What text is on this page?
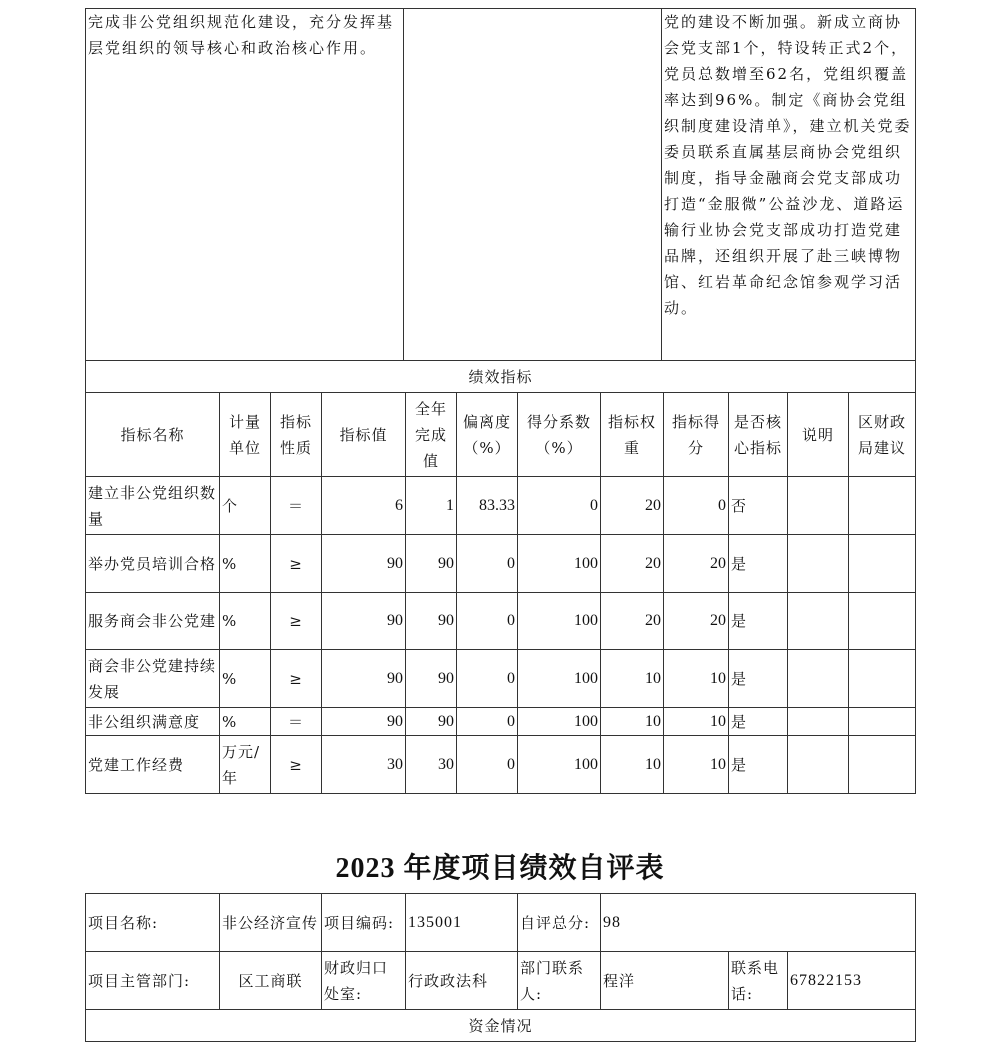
完成非公党组织规范化建设，充分发挥基层党组织的领导核心和政治核心作用。		党的建设不断加强。新成立商协会党支部1个，特设转正式2个，党员总数增至62名，党组织覆盖率达到96%。制定《商协会党组织制度建设清单》，建立机关党委委员联系直属基层商协会党组织制度，指导金融商会党支部成功打造“金服微”公益沙龙、道路运输行业协会党支部成功打造党建品牌，还组织开展了赴三峡博物馆、红岩革命纪念馆参观学习活动。
绩效指标											
指标名称	计量单位	指标性质	指标值	全年完成值	偏离度（%）	得分系数（%）	指标权重	指标得分	是否核心指标	说明	区财政局建议
建立非公党组织数量	个	＝	6	1	83.33	0	20	0	否		
举办党员培训合格	%	≥	90	90	0	100	20	20	是		
服务商会非公党建	%	≥	90	90	0	100	20	20	是		
商会非公党建持续发展	%	≥	90	90	0	100	10	10	是		
非公组织满意度	%	＝	90	90	0	100	10	10	是		
党建工作经费	万元/年	≥	30	30	0	100	10	10	是		
2023 年度项目绩效自评表
项目名称:	非公经济宣传	项目编码:	135001	自评总分:	98		
项目主管部门:	区工商联	财政归口处室:	行政政法科	部门联系人:	程洋	联系电话:	67822153
资金情况							
